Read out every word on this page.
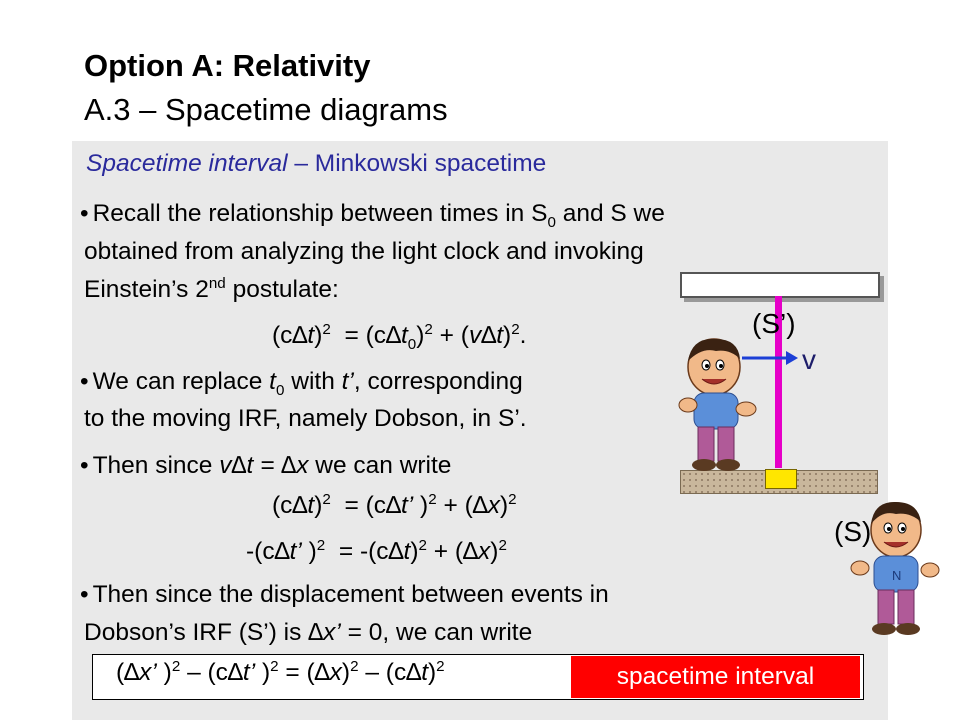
Option A: Relativity
A.3 – Spacetime diagrams
Spacetime interval – Minkowski spacetime
• Recall the relationship between times in $S_0$ and S we
obtained from analyzing the light clock and invoking
Einstein’s 2nd postulate:
$(c\Delta t)^2 = (c\Delta t_0)^2 + (v\Delta t)^2$.
• We can replace $t_0$ with t’, corresponding
to the moving IRF, namely Dobson, in S’.
• Then since v∆t = ∆x we can write
$(c\Delta t)^2 = (c\Delta t$’ )$^2 + (\Delta x)^2$
-(c∆t’ )$^2 = -(c\Delta t)^2 + (\Delta x)^2$
• Then since the displacement between events in
Dobson’s IRF (S’) is ∆x’ = 0, we can write
(∆x’ )$^2$ – (c∆t’ )$^2 = (\Delta x)^2 - (c\Delta t)^2$	spacetime interval
(S’)
(S)
v
N
